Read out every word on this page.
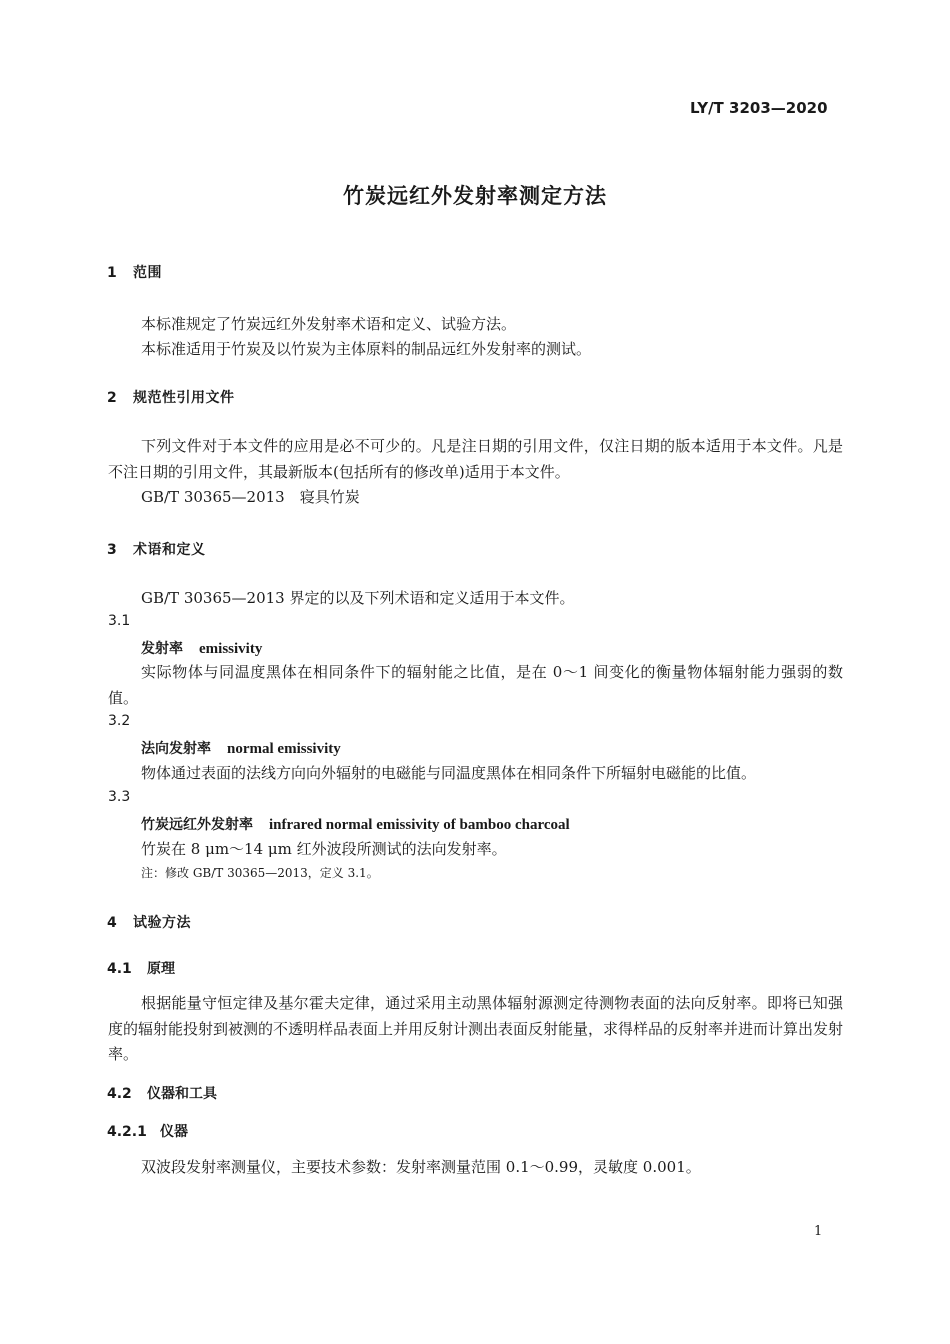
LY/T 3203—2020
竹炭远红外发射率测定方法
1 范围
本标准规定了竹炭远红外发射率术语和定义、试验方法。
本标准适用于竹炭及以竹炭为主体原料的制品远红外发射率的测试。
2 规范性引用文件
下列文件对于本文件的应用是必不可少的。凡是注日期的引用文件，仅注日期的版本适用于本文件。凡是不注日期的引用文件，其最新版本(包括所有的修改单)适用于本文件。
GB/T 30365—2013　寝具竹炭
3 术语和定义
GB/T 30365—2013 界定的以及下列术语和定义适用于本文件。
3.1
发射率 emissivity
实际物体与同温度黑体在相同条件下的辐射能之比值，是在 0～1 间变化的衡量物体辐射能力强弱的数值。
3.2
法向发射率 normal emissivity
物体通过表面的法线方向向外辐射的电磁能与同温度黑体在相同条件下所辐射电磁能的比值。
3.3
竹炭远红外发射率 infrared normal emissivity of bamboo charcoal
竹炭在 8 μm～14 μm 红外波段所测试的法向发射率。
注：修改 GB/T 30365—2013，定义 3.1。
4 试验方法
4.1 原理
根据能量守恒定律及基尔霍夫定律，通过采用主动黑体辐射源测定待测物表面的法向反射率。即将已知强度的辐射能投射到被测的不透明样品表面上并用反射计测出表面反射能量，求得样品的反射率并进而计算出发射率。
4.2 仪器和工具
4.2.1 仪器
双波段发射率测量仪，主要技术参数：发射率测量范围 0.1～0.99，灵敏度 0.001。
1
